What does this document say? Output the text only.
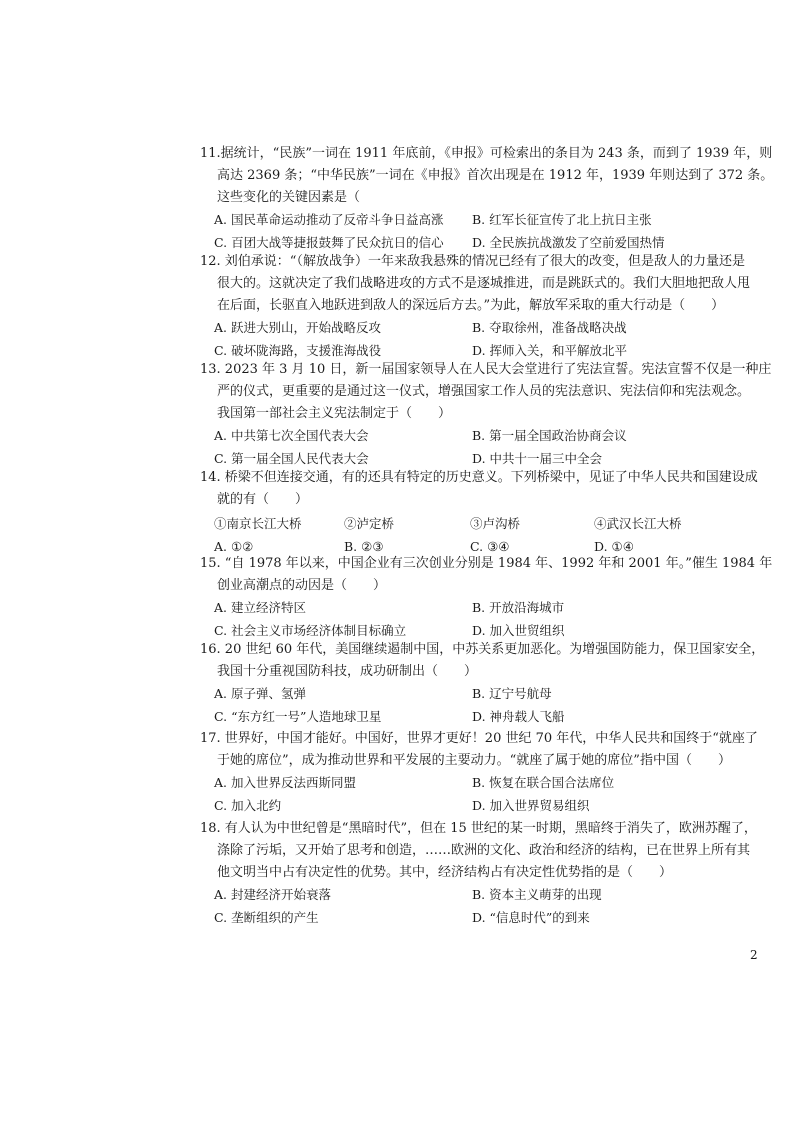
11.据统计，“民族”一词在 1911 年底前，《申报》可检索出的条目为 243 条，而到了 1939 年，则
高达 2369 条；“中华民族”一词在《申报》首次出现是在 1912 年，1939 年则达到了 372 条。
这些变化的关键因素是（
A. 国民革命运动推动了反帝斗争日益高涨 B. 红军长征宣传了北上抗日主张
C. 百团大战等捷报鼓舞了民众抗日的信心 D. 全民族抗战激发了空前爱国热情
12. 刘伯承说：“（解放战争）一年来敌我悬殊的情况已经有了很大的改变，但是敌人的力量还是
很大的。这就决定了我们战略进攻的方式不是逐城推进，而是跳跃式的。我们大胆地把敌人甩
在后面，长驱直入地跃进到敌人的深远后方去。”为此，解放军采取的重大行动是（　　）
A. 跃进大别山，开始战略反攻	B. 夺取徐州，准备战略决战
C. 破坏陇海路，支援淮海战役	D. 挥师入关，和平解放北平
13. 2023 年 3 月 10 日，新一届国家领导人在人民大会堂进行了宪法宣誓。宪法宣誓不仅是一种庄
严的仪式，更重要的是通过这一仪式，增强国家工作人员的宪法意识、宪法信仰和宪法观念。
我国第一部社会主义宪法制定于（　　）
A. 中共第七次全国代表大会	B. 第一届全国政治协商会议
C. 第一届全国人民代表大会	D. 中共十一届三中全会
14. 桥梁不但连接交通，有的还具有特定的历史意义。下列桥梁中，见证了中华人民共和国建设成
就的有（　　）
①南京长江大桥	②泸定桥	③卢沟桥	④武汉长江大桥
A. ①②	B. ②③	C. ③④	D. ①④
15. “自 1978 年以来，中国企业有三次创业分别是 1984 年、1992 年和 2001 年。”催生 1984 年
创业高潮点的动因是（　　）
A. 建立经济特区	B. 开放沿海城市
C. 社会主义市场经济体制目标确立	D. 加入世贸组织
16. 20 世纪 60 年代，美国继续遏制中国，中苏关系更加恶化。为增强国防能力，保卫国家安全，
我国十分重视国防科技，成功研制出（　　）
A. 原子弹、氢弹	B. 辽宁号航母
C. “东方红一号”人造地球卫星	D. 神舟载人飞船
17. 世界好，中国才能好。中国好，世界才更好！20 世纪 70 年代，中华人民共和国终于“就座了
于她的席位”，成为推动世界和平发展的主要动力。“就座了属于她的席位”指中国（　　）
A. 加入世界反法西斯同盟	B. 恢复在联合国合法席位
C. 加入北约	D. 加入世界贸易组织
18. 有人认为中世纪曾是“黑暗时代”，但在 15 世纪的某一时期，黑暗终于消失了，欧洲苏醒了，
涤除了污垢，又开始了思考和创造，……欧洲的文化、政治和经济的结构，已在世界上所有其
他文明当中占有决定性的优势。其中，经济结构占有决定性优势指的是（　　）
A. 封建经济开始衰落	B. 资本主义萌芽的出现
C. 垄断组织的产生	D. “信息时代”的到来
2
